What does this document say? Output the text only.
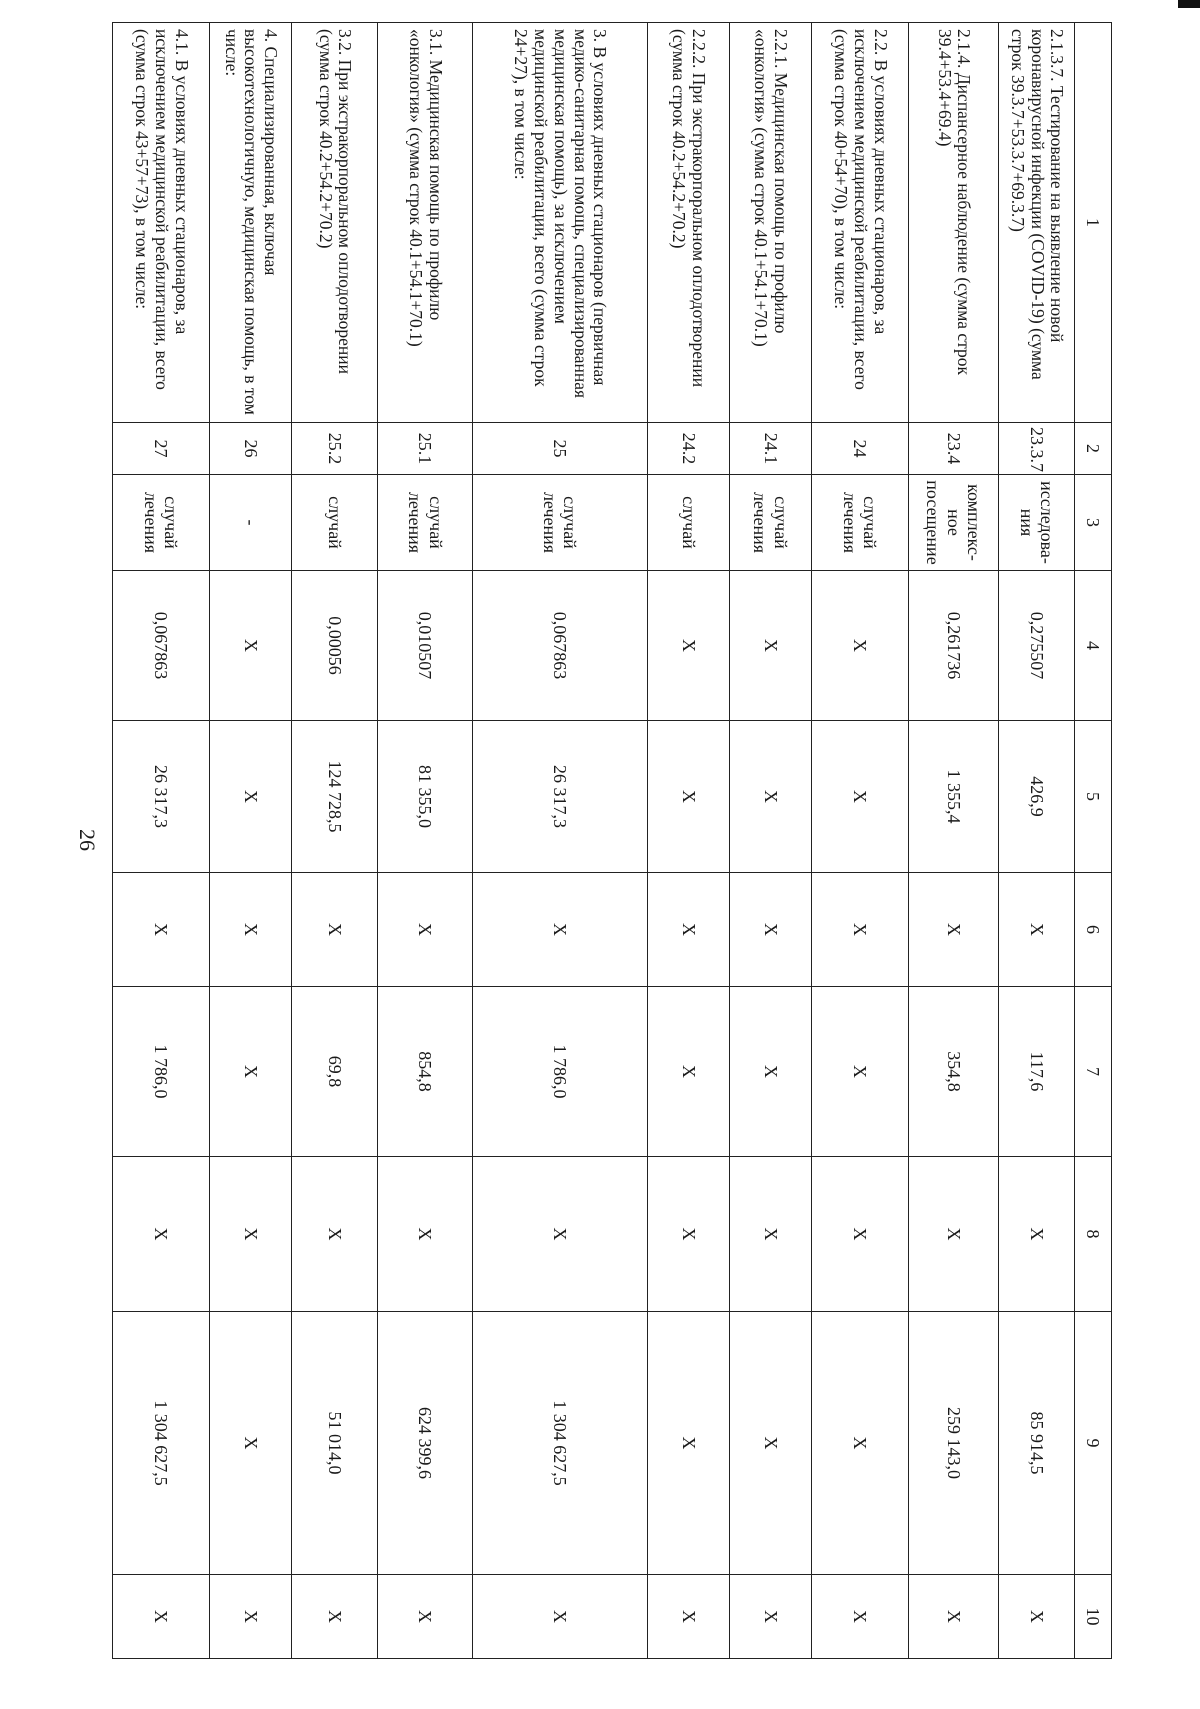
1	2	3	4	5	6	7	8	9	10
2.1.3.7. Тестирование на выявление новой коронавирусной инфекции (COVID-19) (сумма строк 39.3.7+53.3.7+69.3.7)	23.3.7	исследова-ния	0,275507	426,9	X	117,6	X	85 914,5	X
2.1.4. Диспансерное наблюдение (сумма строк 39.4+53.4+69.4)	23.4	комплекс-ное посещение	0,261736	1 355,4	X	354,8	X	259 143,0	X
2.2. В условиях дневных стационаров, за исключением медицинской реабилитации, всего (сумма строк 40+54+70), в том числе:	24	случай лечения	X	X	X	X	X	X	X
2.2.1. Медицинская помощь по профилю «онкология» (сумма строк 40.1+54.1+70.1)	24.1	случай лечения	X	X	X	X	X	X	X
2.2.2. При экстракорпоральном оплодотворении (сумма строк 40.2+54.2+70.2)	24.2	случай	X	X	X	X	X	X	X
3. В условиях дневных стационаров (первичная медико-санитарная помощь, специализированная медицинская помощь), за исключением медицинской реабилитации, всего (сумма строк 24+27), в том числе:	25	случай лечения	0,067863	26 317,3	X	1 786,0	X	1 304 627,5	X
3.1. Медицинская помощь по профилю «онкология» (сумма строк 40.1+54.1+70.1)	25.1	случай лечения	0,010507	81 355,0	X	854,8	X	624 399,6	X
3.2. При экстракорпоральном оплодотворении (сумма строк 40.2+54.2+70.2)	25.2	случай	0,00056	124 728,5	X	69,8	X	51 014,0	X
4. Специализированная, включая высокотехнологичную, медицинская помощь, в том числе:	26	-	X	X	X	X	X	X	X
4.1. В условиях дневных стационаров, за исключением медицинской реабилитации, всего (сумма строк 43+57+73), в том числе:	27	случай лечения	0,067863	26 317,3	X	1 786,0	X	1 304 627,5	X
26
